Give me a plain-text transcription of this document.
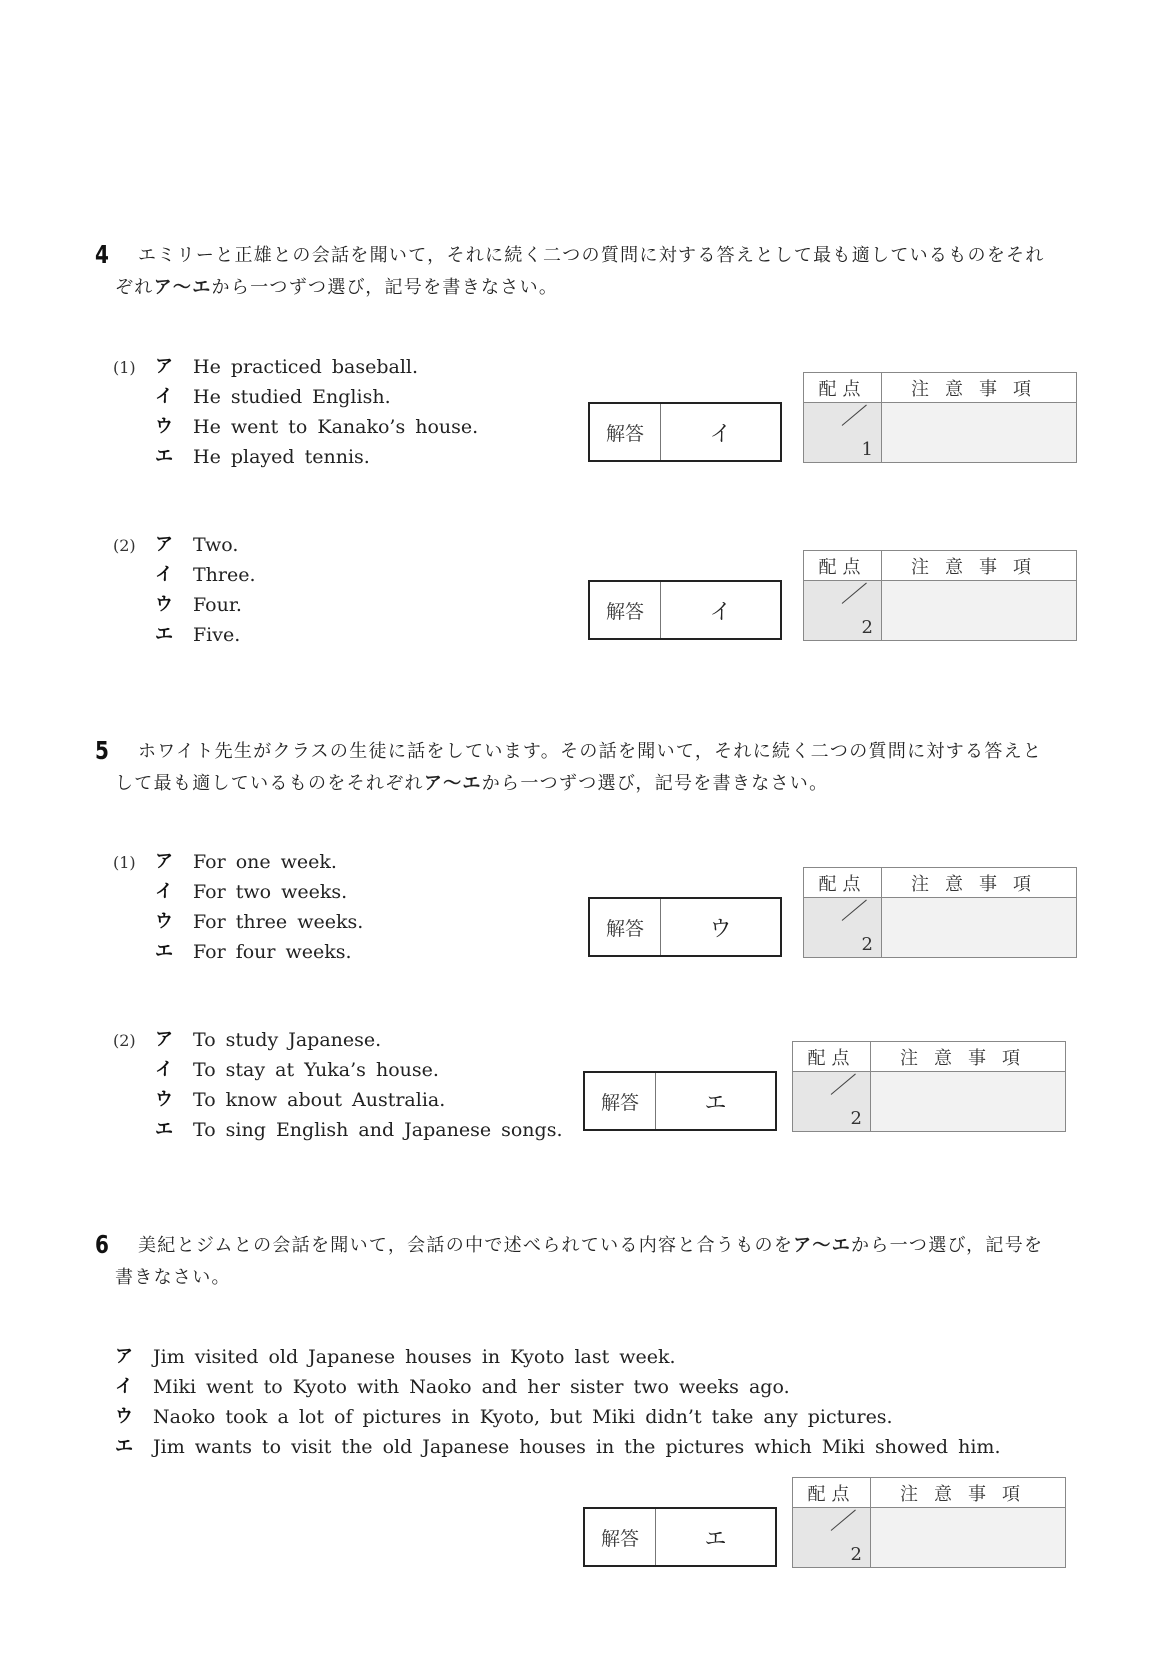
4 エミリーと正雄との会話を聞いて，それに続く二つの質問に対する答えとして最も適しているものをそれ
ぞれア～エから一つずつ選び，記号を書きなさい。
(1) ア	He practiced baseball.
イ	He studied English.
ウ	He went to Kanako’s house.
エ	He played tennis.
解答	イ
配点	注意事項
1
(2) ア	Two.
イ	Three.
ウ	Four.
エ	Five.
解答	イ
配点	注意事項
2
5 ホワイト先生がクラスの生徒に話をしています。その話を聞いて，それに続く二つの質問に対する答えと
して最も適しているものをそれぞれア～エから一つずつ選び，記号を書きなさい。
(1) ア	For one week.
イ	For two weeks.
ウ	For three weeks.
エ	For four weeks.
解答	ウ
配点	注意事項
2
(2) ア	To study Japanese.
イ	To stay at Yuka’s house.
ウ	To know about Australia.
エ	To sing English and Japanese songs.
解答	エ
配点	注意事項
2
6 美紀とジムとの会話を聞いて，会話の中で述べられている内容と合うものをア～エから一つ選び，記号を
書きなさい。
ア	Jim visited old Japanese houses in Kyoto last week.
イ	Miki went to Kyoto with Naoko and her sister two weeks ago.
ウ	Naoko took a lot of pictures in Kyoto, but Miki didn’t take any pictures.
エ	Jim wants to visit the old Japanese houses in the pictures which Miki showed him.
解答	エ
配点	注意事項
2
